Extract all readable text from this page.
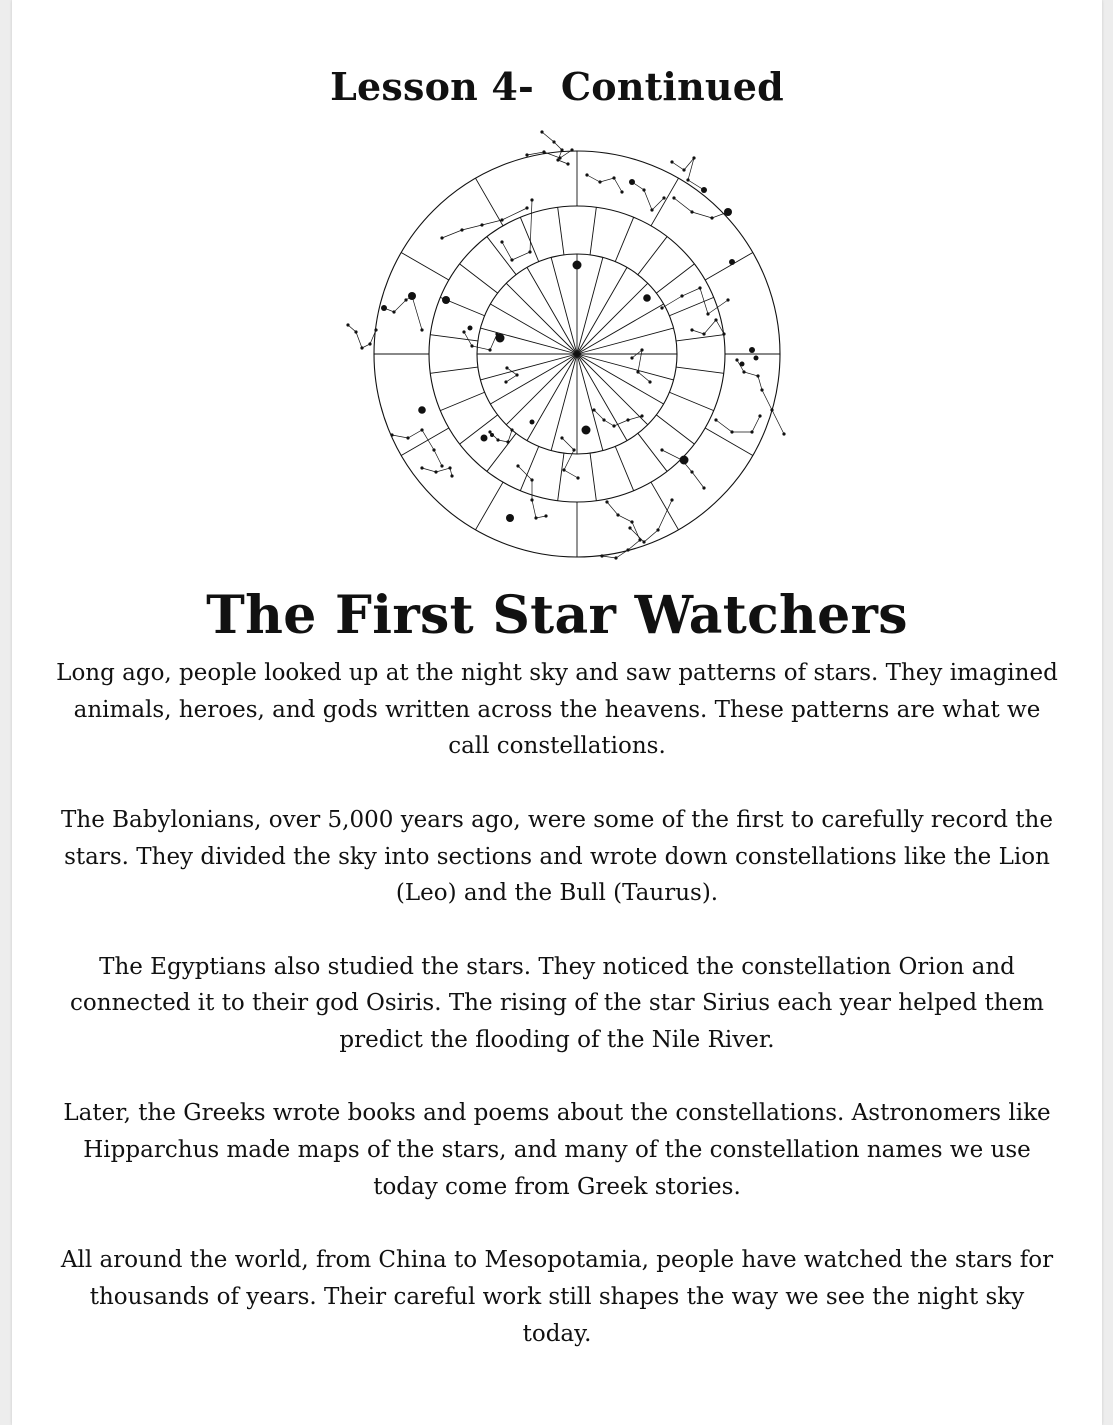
Lesson 4-  Continued
The First Star Watchers

Long ago, people looked up at the night sky and saw patterns of stars. They imagined animals, heroes, and gods written across the heavens. These patterns are what we call constellations.

The Babylonians, over 5,000 years ago, were some of the first to carefully record the stars. They divided the sky into sections and wrote down constellations like the Lion (Leo) and the Bull (Taurus).

The Egyptians also studied the stars. They noticed the constellation Orion and connected it to their god Osiris. The rising of the star Sirius each year helped them predict the flooding of the Nile River.

Later, the Greeks wrote books and poems about the constellations. Astronomers like Hipparchus made maps of the stars, and many of the constellation names we use today come from Greek stories.

All around the world, from China to Mesopotamia, people have watched the stars for thousands of years. Their careful work still shapes the way we see the night sky today.
